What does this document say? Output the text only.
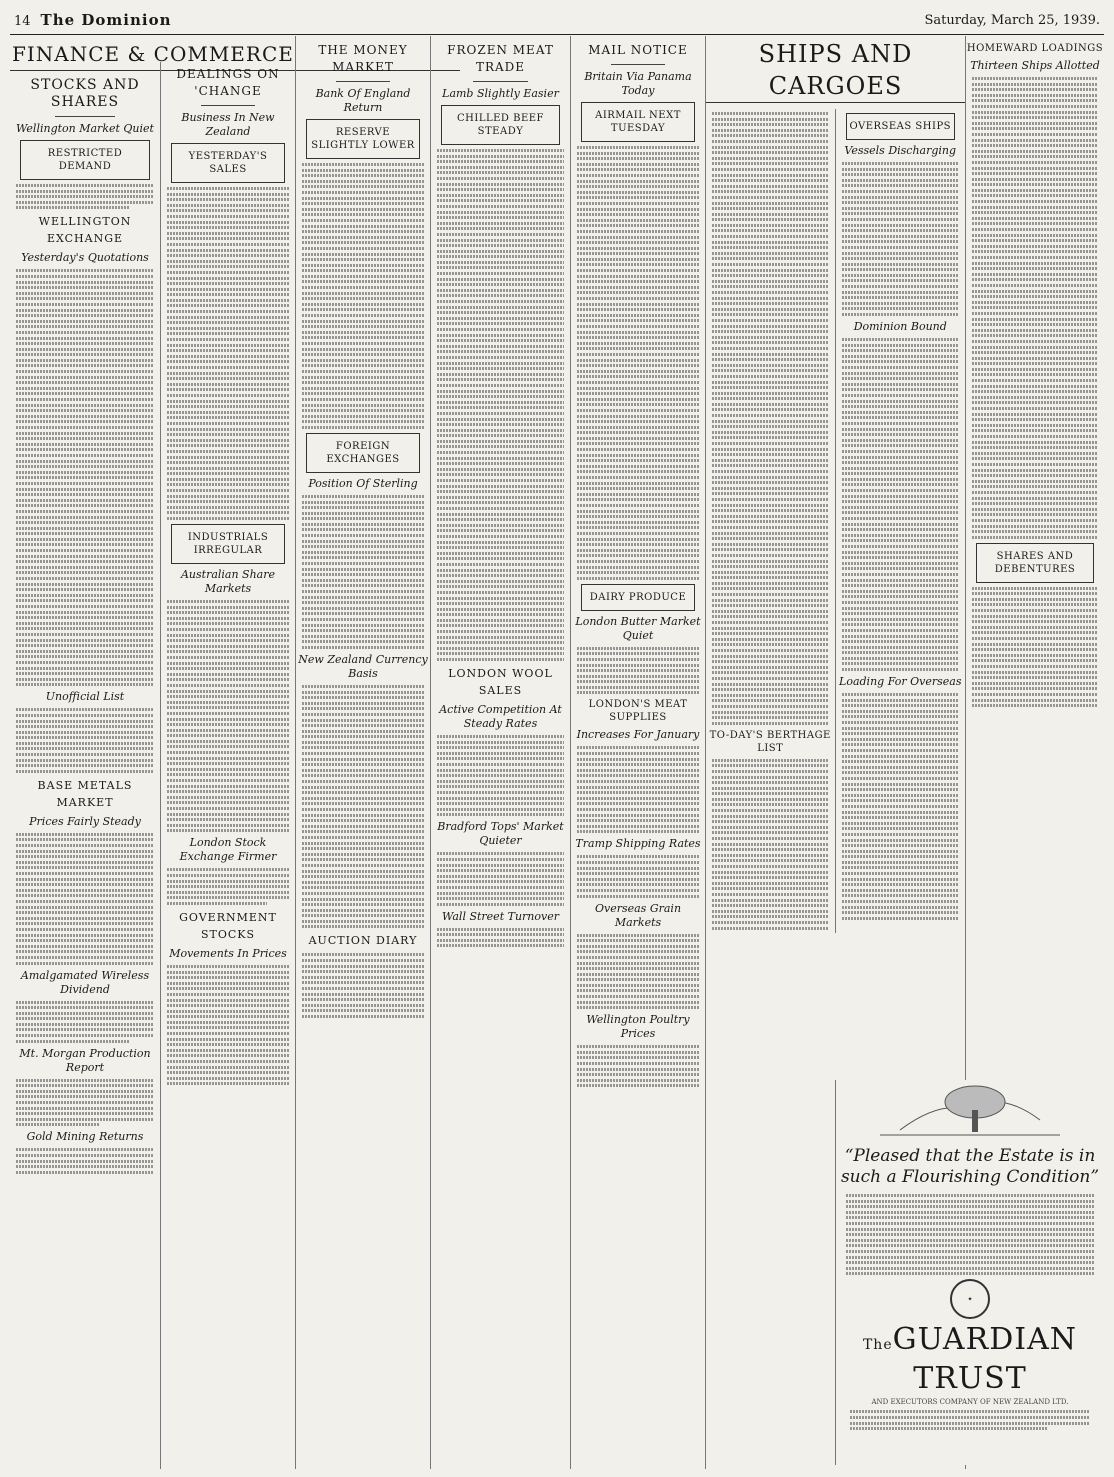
14 The Dominion	Saturday, March 25, 1939.
FINANCE & COMMERCE
STOCKS AND SHARES
Wellington Market Quiet
RESTRICTED DEMAND
WELLINGTON EXCHANGE
Yesterday's Quotations
Unofficial List
BASE METALS MARKET
Prices Fairly Steady
Amalgamated Wireless Dividend
Mt. Morgan Production Report
Gold Mining Returns
DEALINGS ON 'CHANGE
Business In New Zealand
YESTERDAY'S SALES
INDUSTRIALS IRREGULAR
Australian Share Markets
London Stock Exchange Firmer
GOVERNMENT STOCKS
Movements In Prices
THE MONEY MARKET
Bank Of England Return
RESERVE SLIGHTLY LOWER
FOREIGN EXCHANGES
Position Of Sterling
New Zealand Currency Basis
AUCTION DIARY
FROZEN MEAT TRADE
Lamb Slightly Easier
CHILLED BEEF STEADY
LONDON WOOL SALES
Active Competition At Steady Rates
Bradford Tops' Market Quieter
Wall Street Turnover
MAIL NOTICE
Britain Via Panama Today
AIRMAIL NEXT TUESDAY
DAIRY PRODUCE
London Butter Market Quiet
LONDON'S MEAT SUPPLIES
Increases For January
Tramp Shipping Rates
Overseas Grain Markets
Wellington Poultry Prices
SHIPS AND CARGOES
TO-DAY'S BERTHAGE LIST
OVERSEAS SHIPS
Vessels Discharging
Dominion Bound
Loading For Overseas
HOMEWARD LOADINGS
Thirteen Ships Allotted
SHARES AND DEBENTURES
“Pleased that the Estate is in such a Flourishing Condition”
✦
TheGUARDIAN TRUST
AND EXECUTORS COMPANY OF NEW ZEALAND LTD.
